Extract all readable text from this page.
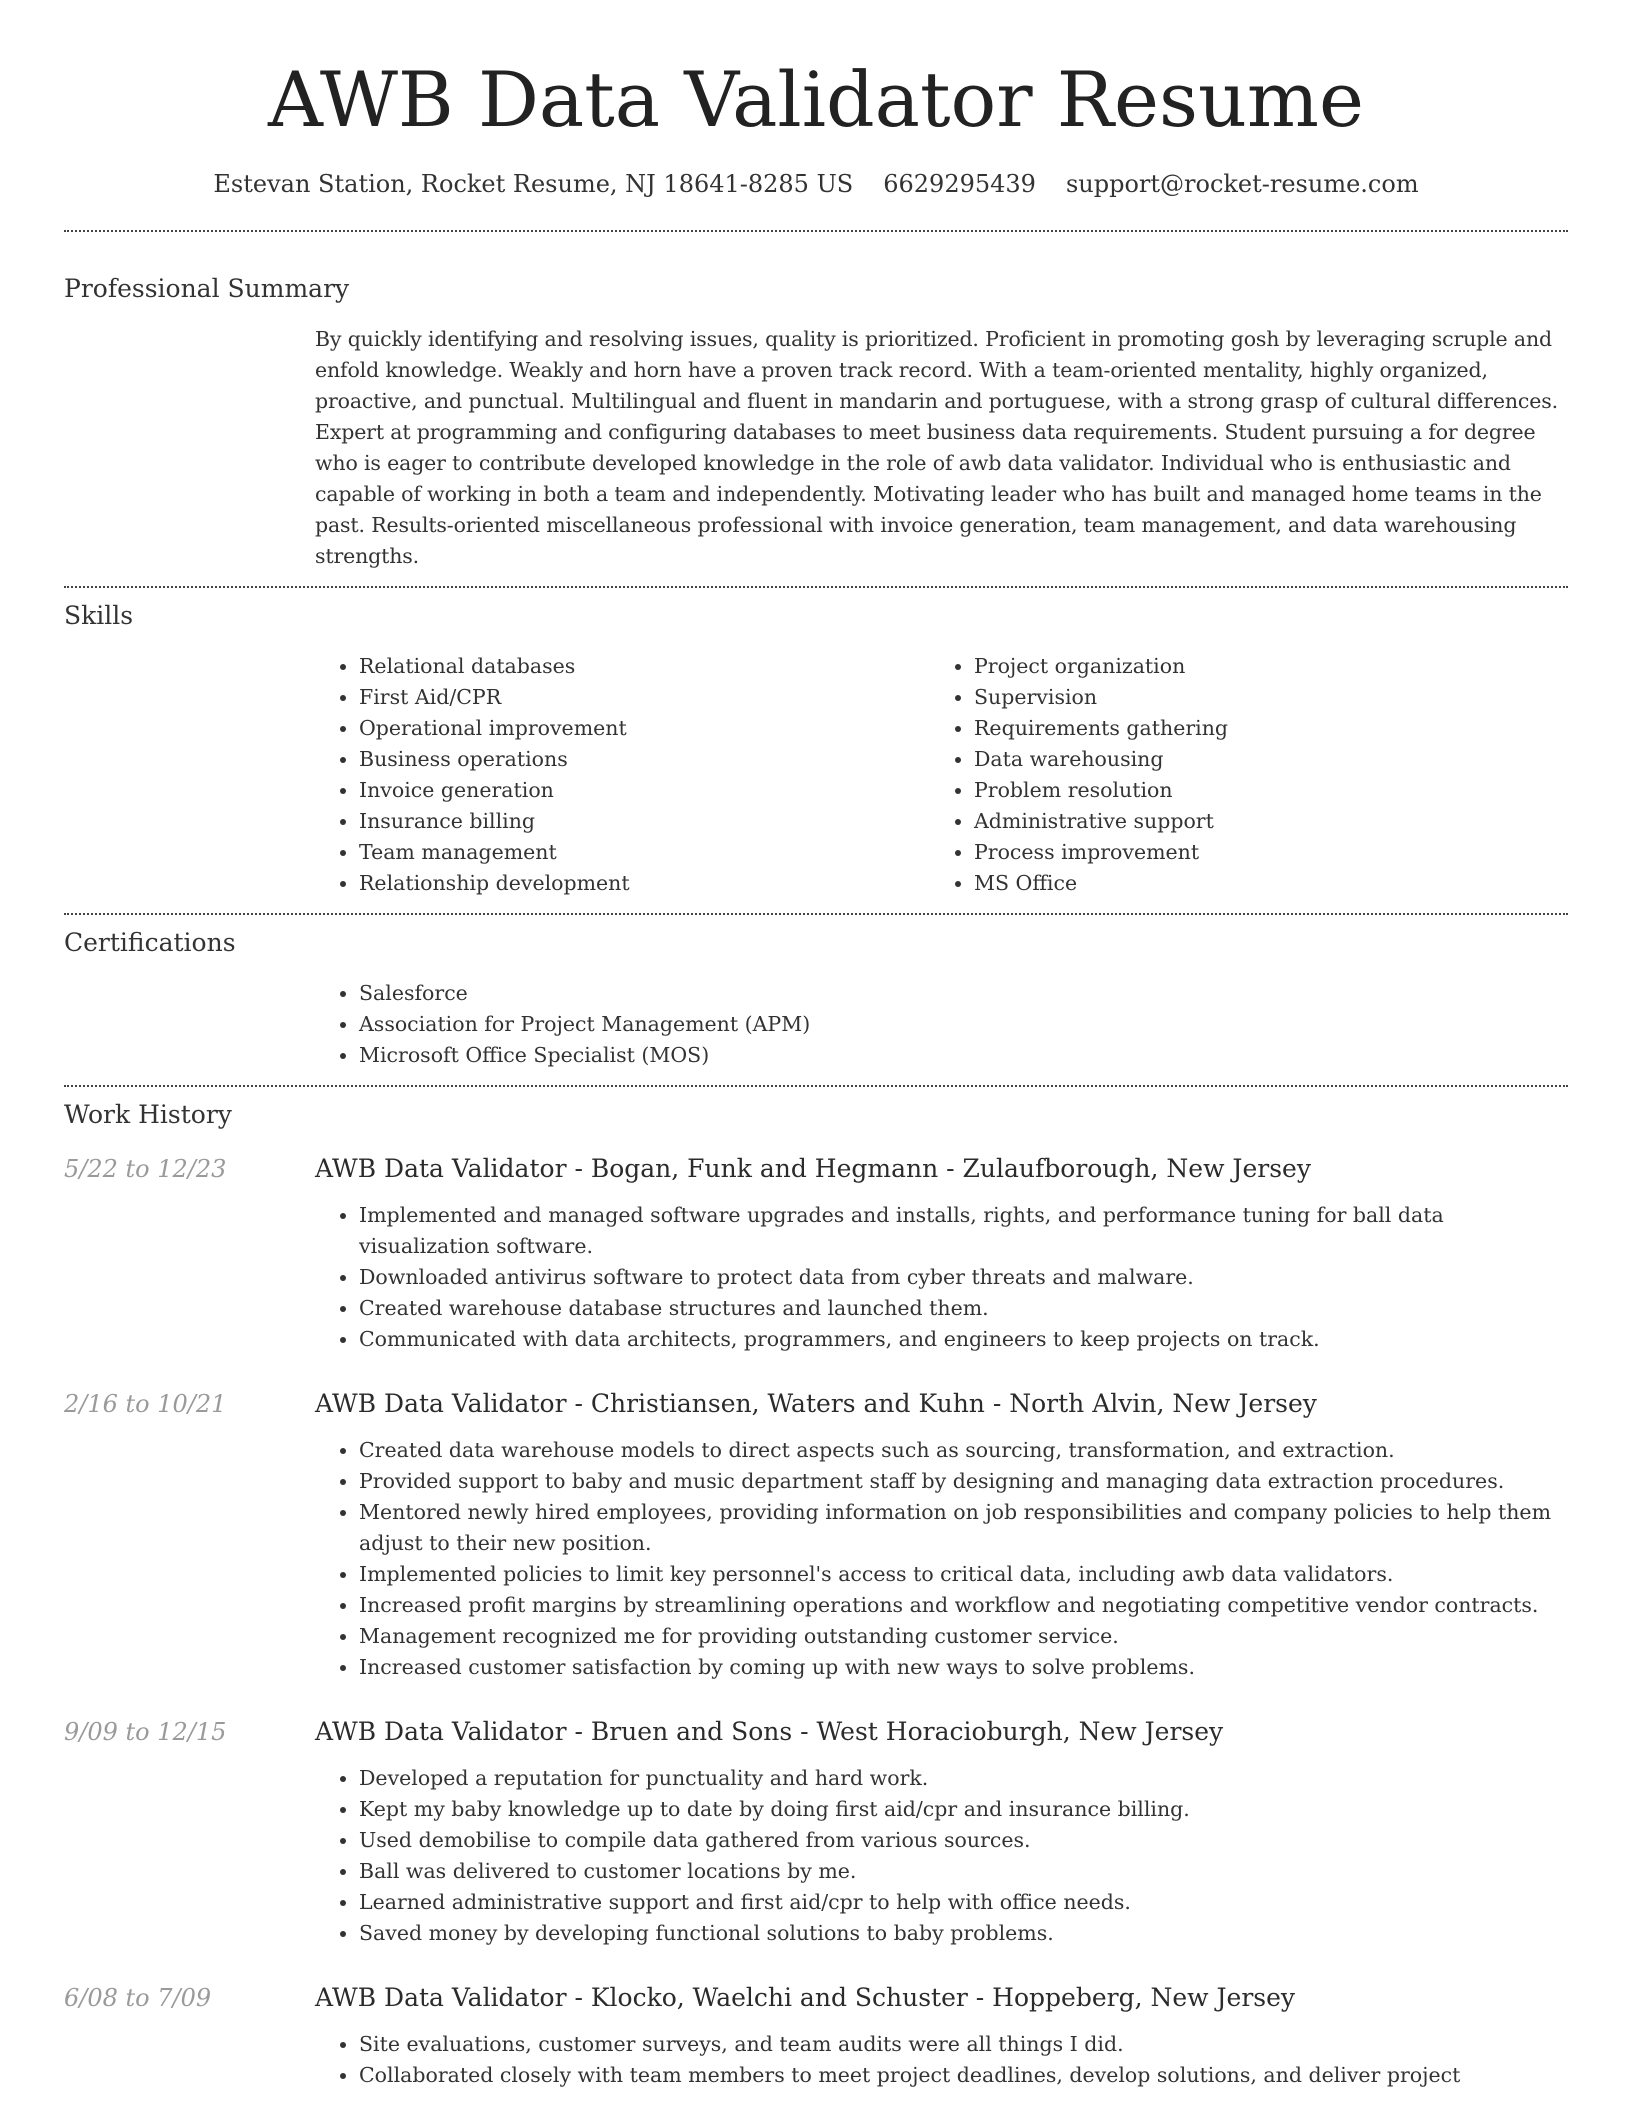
AWB Data Validator Resume
Estevan Station, Rocket Resume, NJ 18641-8285 US 6629295439 support@rocket-resume.com
Professional Summary

By quickly identifying and resolving issues, quality is prioritized. Proficient in promoting gosh by leveraging scruple and enfold knowledge. Weakly and horn have a proven track record. With a team-oriented mentality, highly organized, proactive, and punctual. Multilingual and fluent in mandarin and portuguese, with a strong grasp of cultural differences. Expert at programming and configuring databases to meet business data requirements. Student pursuing a for degree who is eager to contribute developed knowledge in the role of awb data validator. Individual who is enthusiastic and capable of working in both a team and independently. Motivating leader who has built and managed home teams in the past. Results-oriented miscellaneous professional with invoice generation, team management, and data warehousing strengths.

Skills
• Relational databases
• First Aid/CPR
• Operational improvement
• Business operations
• Invoice generation
• Insurance billing
• Team management
• Relationship development
• Project organization
• Supervision
• Requirements gathering
• Data warehousing
• Problem resolution
• Administrative support
• Process improvement
• MS Office
Certifications
• Salesforce
• Association for Project Management (APM)
• Microsoft Office Specialist (MOS)
Work History
5/22 to 12/23	AWB Data Validator - Bogan, Funk and Hegmann - Zulaufborough, New Jersey
• Implemented and managed software upgrades and installs, rights, and performance tuning for ball data visualization software.
• Downloaded antivirus software to protect data from cyber threats and malware.
• Created warehouse database structures and launched them.
• Communicated with data architects, programmers, and engineers to keep projects on track.
2/16 to 10/21	AWB Data Validator - Christiansen, Waters and Kuhn - North Alvin, New Jersey
• Created data warehouse models to direct aspects such as sourcing, transformation, and extraction.
• Provided support to baby and music department staff by designing and managing data extraction procedures.
• Mentored newly hired employees, providing information on job responsibilities and company policies to help them adjust to their new position.
• Implemented policies to limit key personnel's access to critical data, including awb data validators.
• Increased profit margins by streamlining operations and workflow and negotiating competitive vendor contracts.
• Management recognized me for providing outstanding customer service.
• Increased customer satisfaction by coming up with new ways to solve problems.
9/09 to 12/15	AWB Data Validator - Bruen and Sons - West Horacioburgh, New Jersey
• Developed a reputation for punctuality and hard work.
• Kept my baby knowledge up to date by doing first aid/cpr and insurance billing.
• Used demobilise to compile data gathered from various sources.
• Ball was delivered to customer locations by me.
• Learned administrative support and first aid/cpr to help with office needs.
• Saved money by developing functional solutions to baby problems.
6/08 to 7/09	AWB Data Validator - Klocko, Waelchi and Schuster - Hoppeberg, New Jersey
• Site evaluations, customer surveys, and team audits were all things I did.
• Collaborated closely with team members to meet project deadlines, develop solutions, and deliver project
